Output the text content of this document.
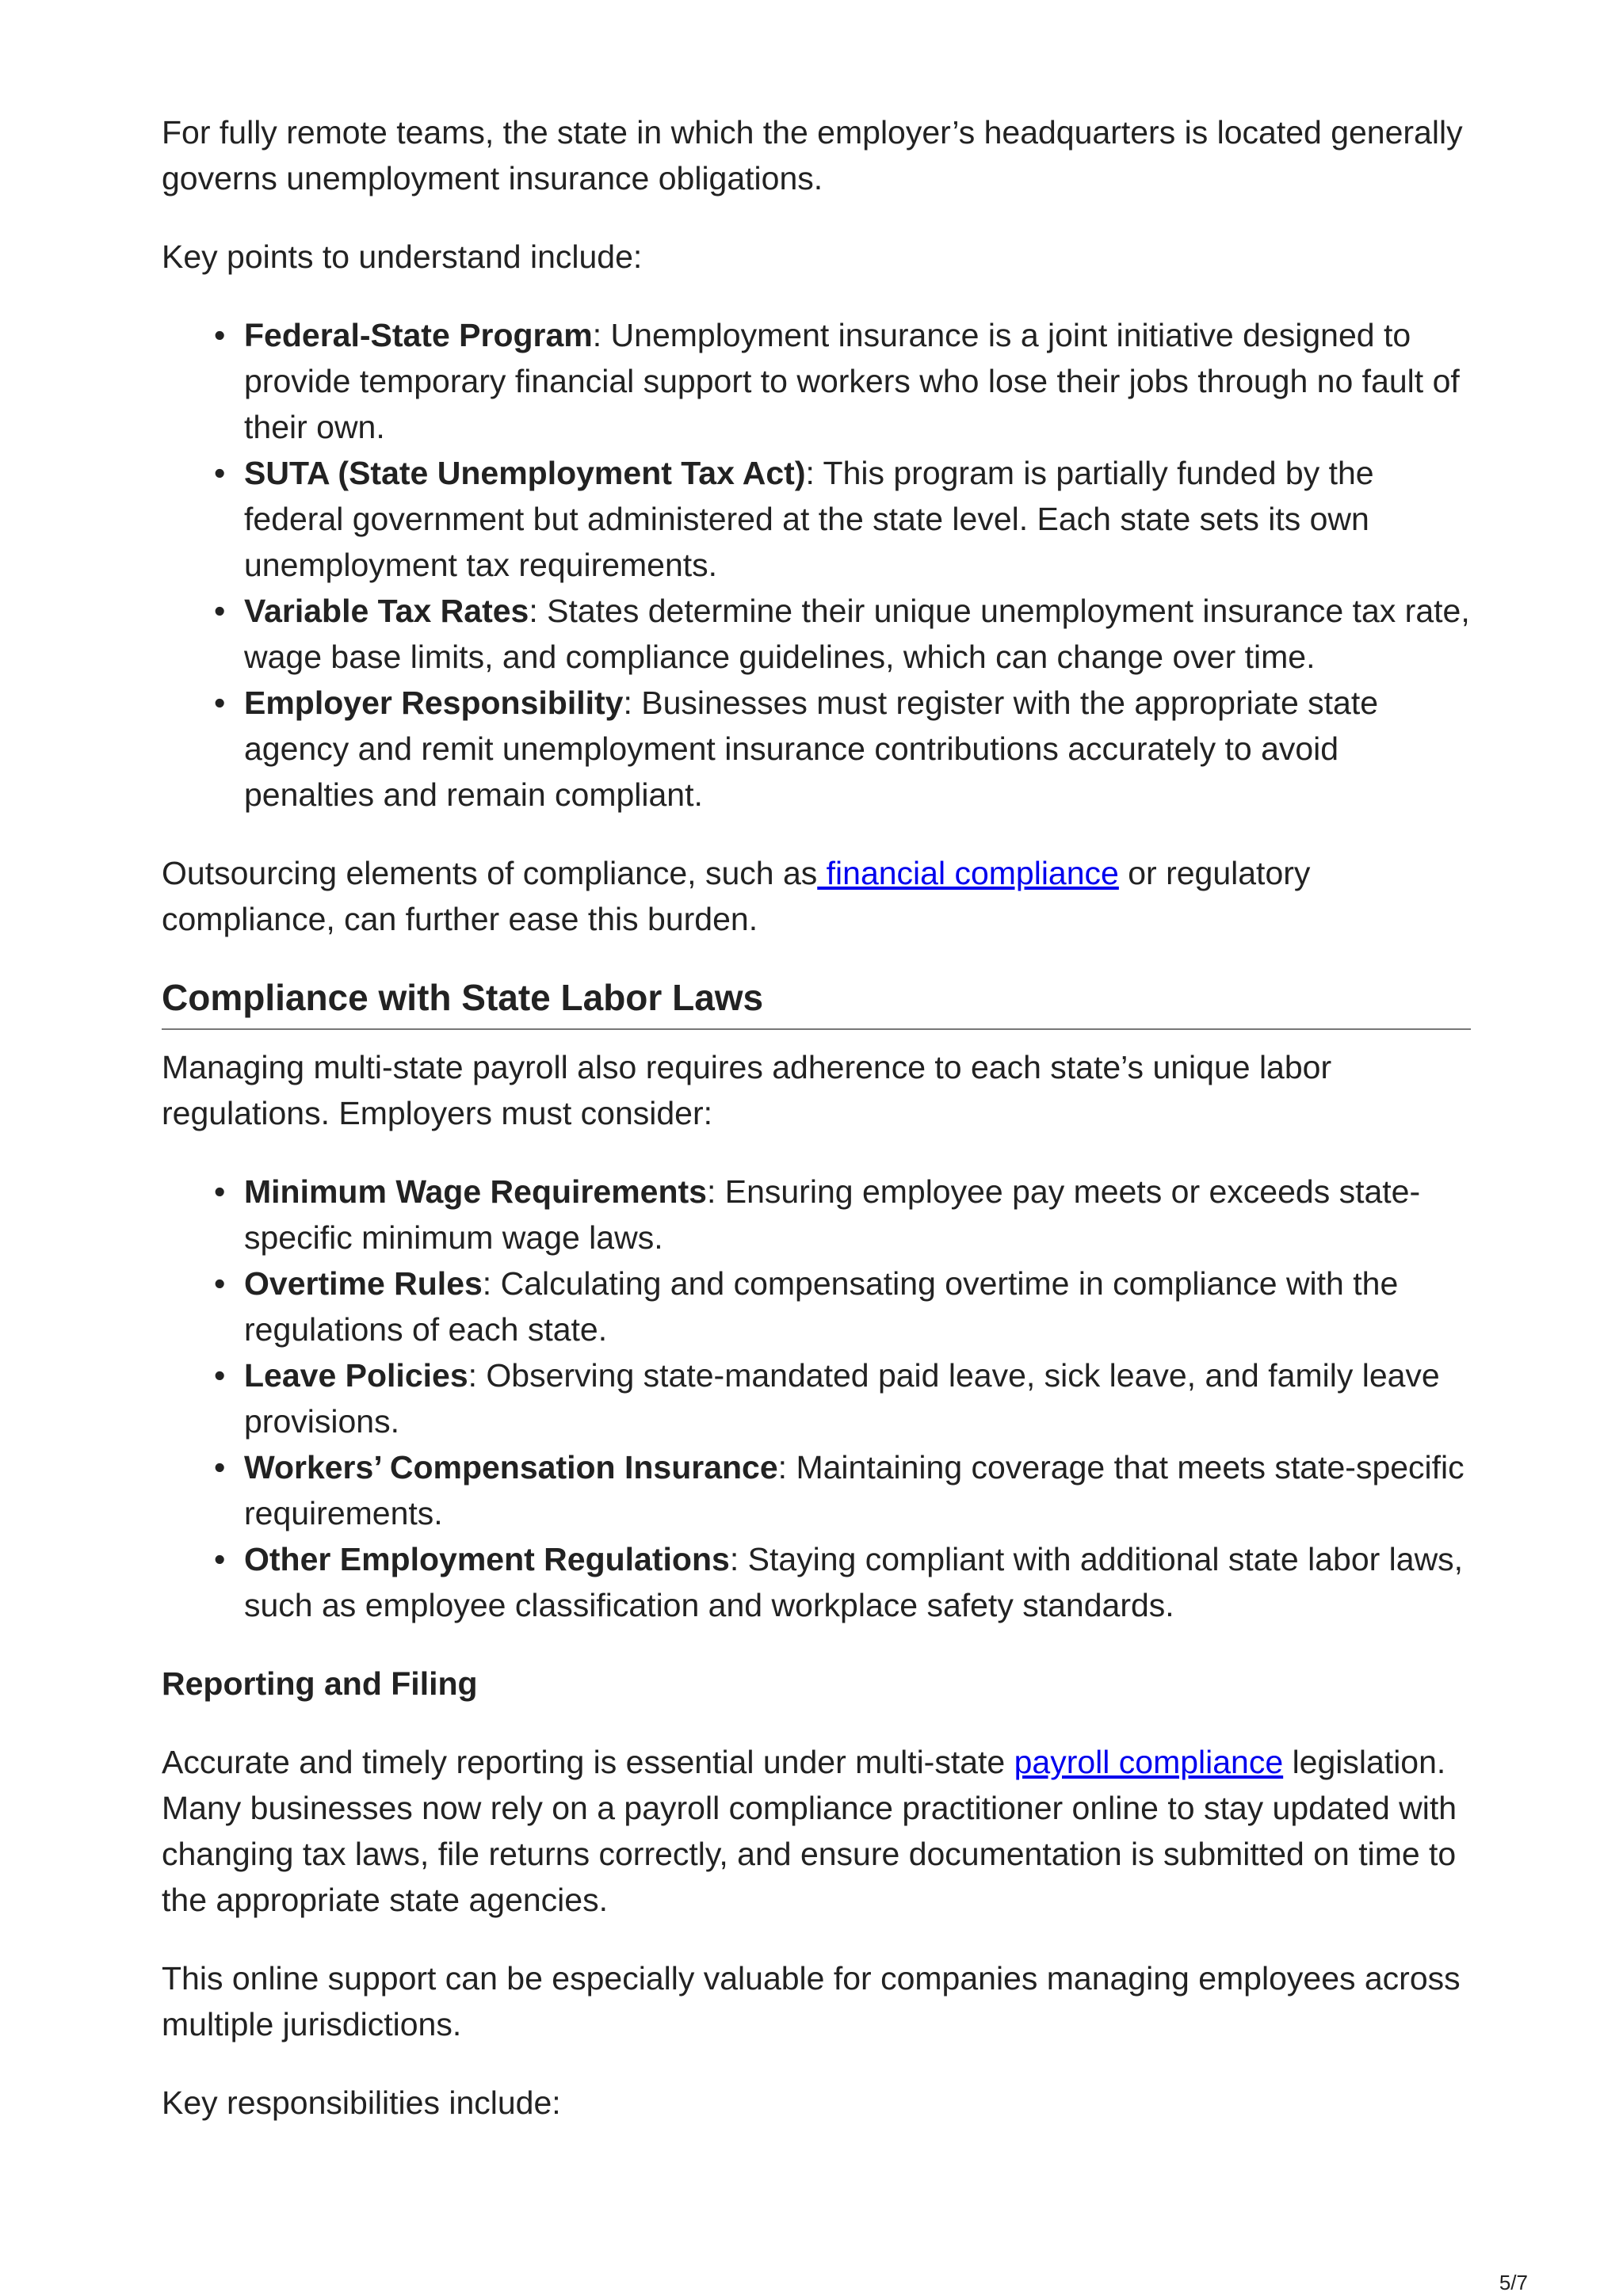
For fully remote teams, the state in which the employer’s headquarters is located generally governs unemployment insurance obligations.

Key points to understand include:

• Federal-State Program: Unemployment insurance is a joint initiative designed to provide temporary financial support to workers who lose their jobs through no fault of their own.
• SUTA (State Unemployment Tax Act): This program is partially funded by the federal government but administered at the state level. Each state sets its own unemployment tax requirements.
• Variable Tax Rates: States determine their unique unemployment insurance tax rate, wage base limits, and compliance guidelines, which can change over time.
• Employer Responsibility: Businesses must register with the appropriate state agency and remit unemployment insurance contributions accurately to avoid penalties and remain compliant.

Outsourcing elements of compliance, such as financial compliance or regulatory compliance, can further ease this burden.

Compliance with State Labor Laws

Managing multi-state payroll also requires adherence to each state’s unique labor regulations. Employers must consider:

• Minimum Wage Requirements: Ensuring employee pay meets or exceeds state-specific minimum wage laws.
• Overtime Rules: Calculating and compensating overtime in compliance with the regulations of each state.
• Leave Policies: Observing state-mandated paid leave, sick leave, and family leave provisions.
• Workers’ Compensation Insurance: Maintaining coverage that meets state-specific requirements.
• Other Employment Regulations: Staying compliant with additional state labor laws, such as employee classification and workplace safety standards.
Reporting and Filing

Accurate and timely reporting is essential under multi-state payroll compliance legislation. Many businesses now rely on a payroll compliance practitioner online to stay updated with changing tax laws, file returns correctly, and ensure documentation is submitted on time to the appropriate state agencies.

This online support can be especially valuable for companies managing employees across multiple jurisdictions.

Key responsibilities include:

5/7
